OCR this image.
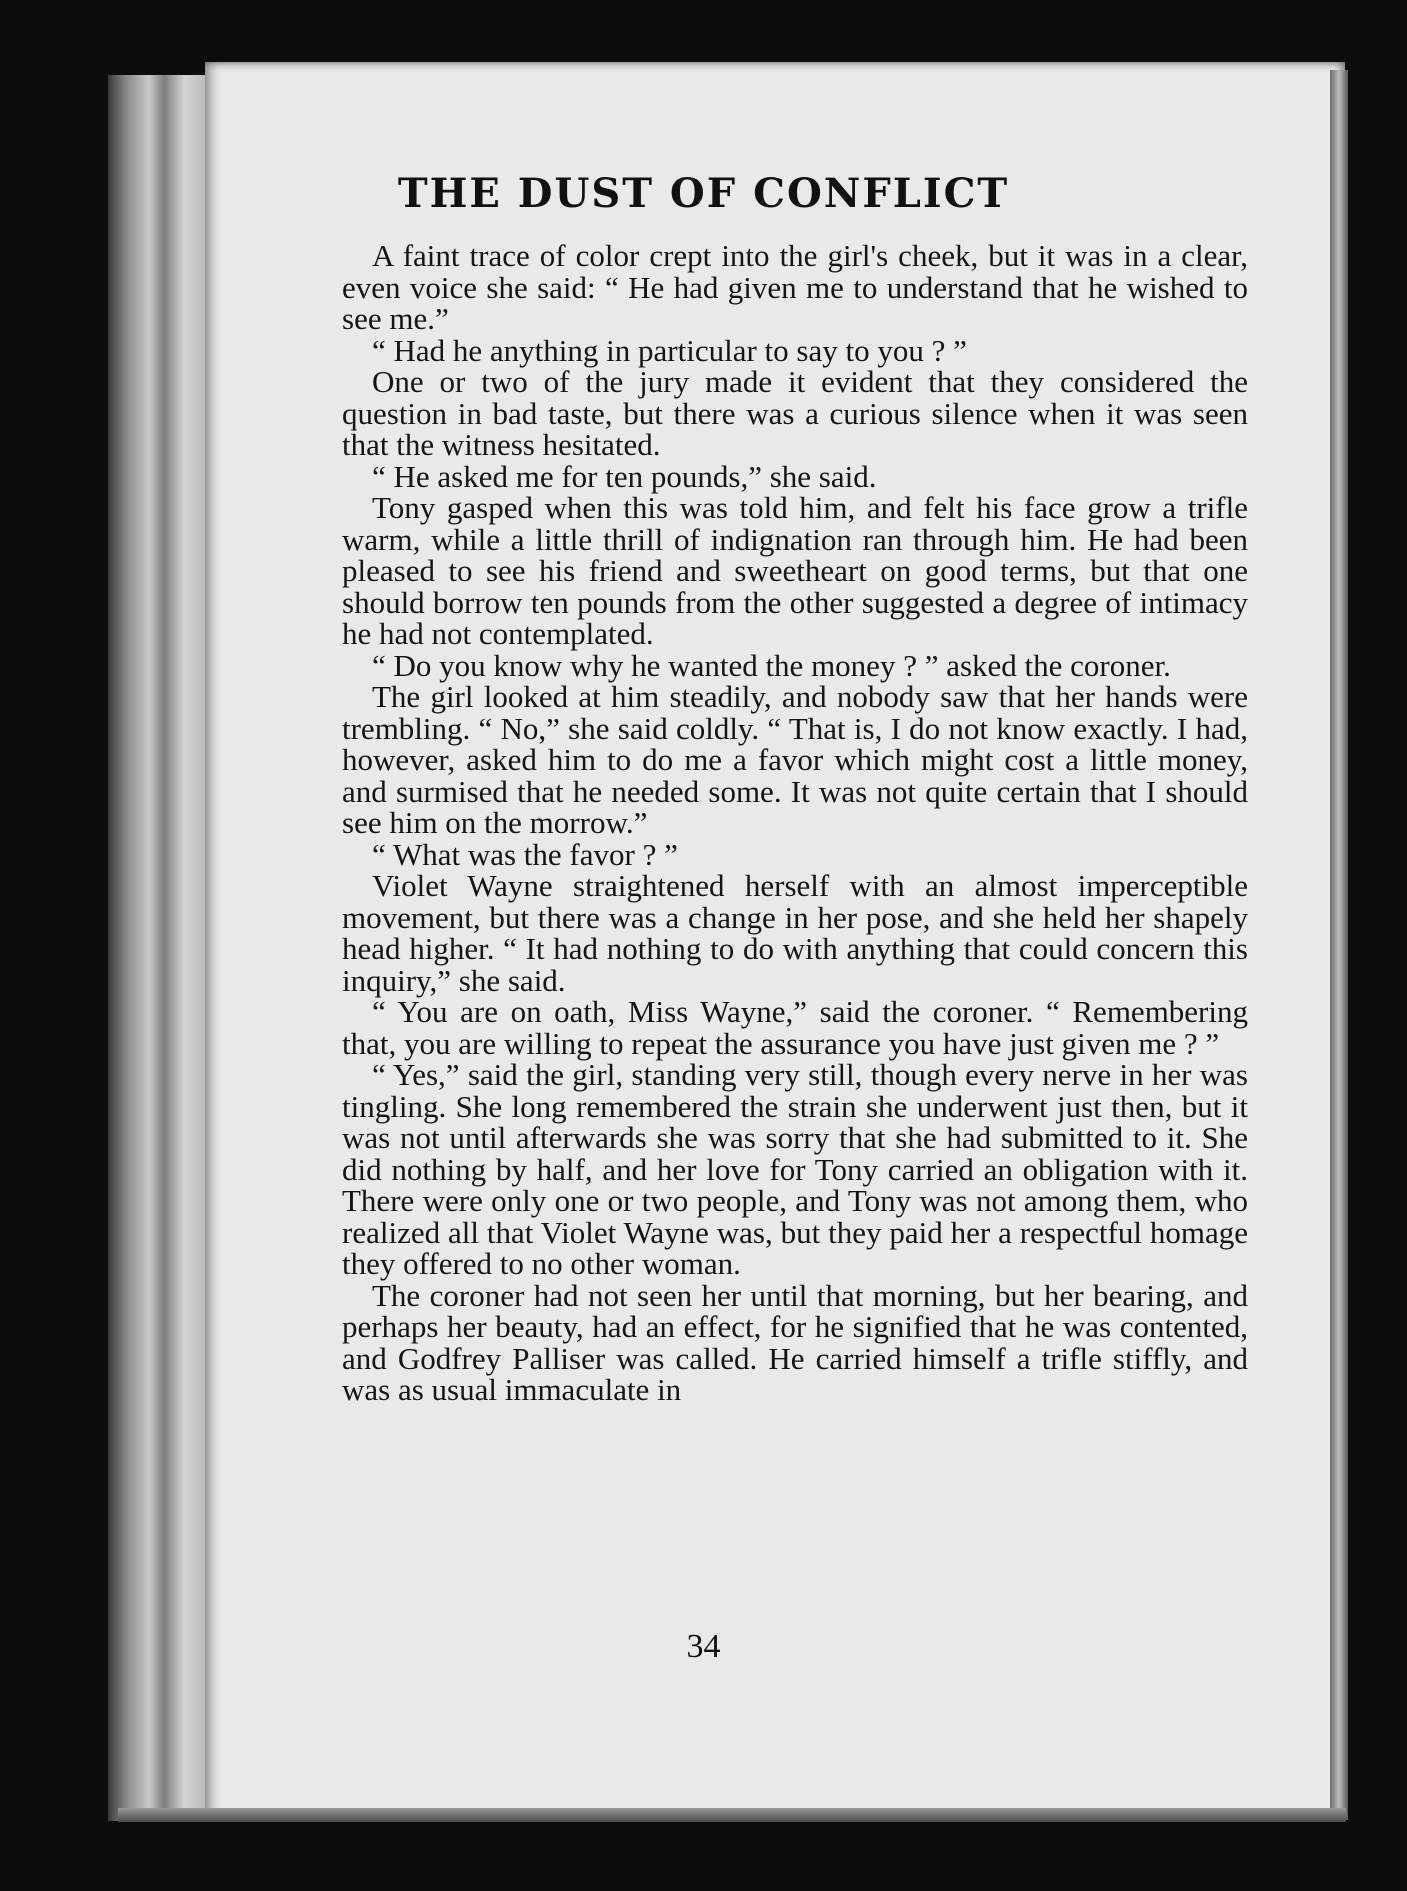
THE DUST OF CONFLICT

A faint trace of color crept into the girl's cheek, but it was in a clear, even voice she said: “ He had given me to understand that he wished to see me.”

“ Had he anything in particular to say to you ? ”

One or two of the jury made it evident that they considered the question in bad taste, but there was a curious silence when it was seen that the witness hesitated.

“ He asked me for ten pounds,” she said.

Tony gasped when this was told him, and felt his face grow a trifle warm, while a little thrill of indignation ran through him. He had been pleased to see his friend and sweetheart on good terms, but that one should borrow ten pounds from the other suggested a degree of intimacy he had not contemplated.

“ Do you know why he wanted the money ? ” asked the coroner.

The girl looked at him steadily, and nobody saw that her hands were trembling. “ No,” she said coldly. “ That is, I do not know exactly. I had, however, asked him to do me a favor which might cost a little money, and surmised that he needed some. It was not quite certain that I should see him on the morrow.”

“ What was the favor ? ”

Violet Wayne straightened herself with an almost imperceptible movement, but there was a change in her pose, and she held her shapely head higher. “ It had nothing to do with anything that could concern this inquiry,” she said.

“ You are on oath, Miss Wayne,” said the coroner. “ Remembering that, you are willing to repeat the assurance you have just given me ? ”

“ Yes,” said the girl, standing very still, though every nerve in her was tingling. She long remembered the strain she underwent just then, but it was not until afterwards she was sorry that she had submitted to it. She did nothing by half, and her love for Tony carried an obligation with it. There were only one or two people, and Tony was not among them, who realized all that Violet Wayne was, but they paid her a respectful homage they offered to no other woman.

The coroner had not seen her until that morning, but her bearing, and perhaps her beauty, had an effect, for he signified that he was contented, and Godfrey Palliser was called. He carried himself a trifle stiffly, and was as usual immaculate in

34
